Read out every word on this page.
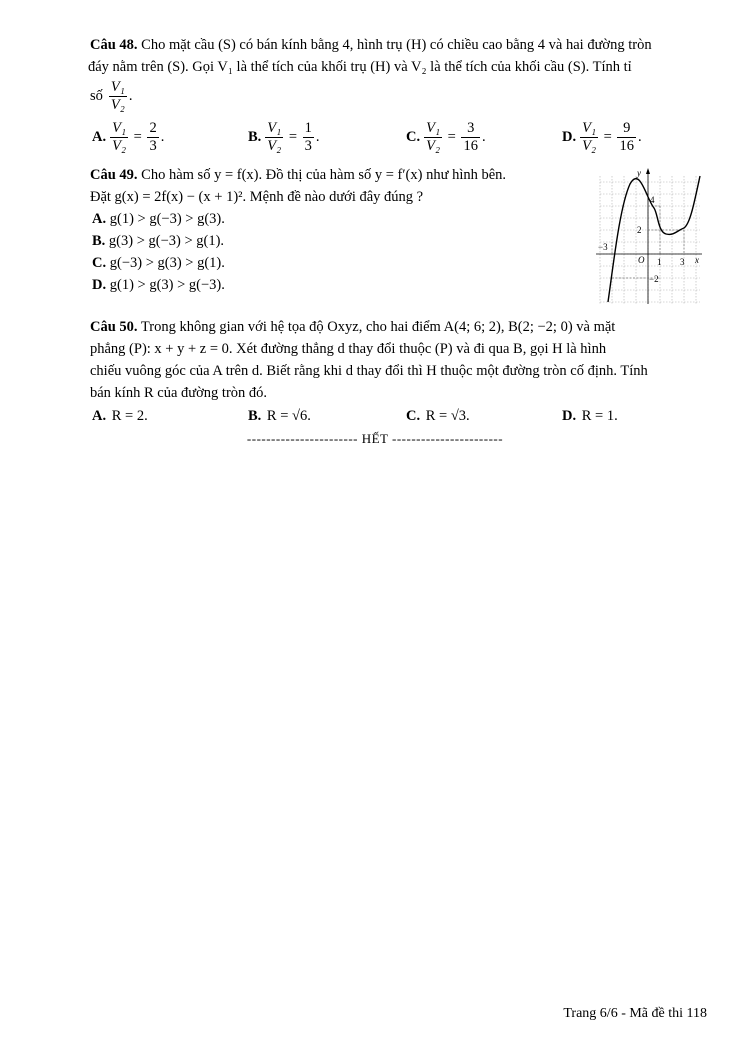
Câu 48. Cho mặt cầu (S) có bán kính bằng 4, hình trụ (H) có chiều cao bằng 4 và hai đường tròn
đáy nằm trên (S). Gọi V₁ là thể tích của khối trụ (H) và V₂ là thể tích của khối cầu (S). Tính tỉ
số $\frac{\text{V₁}}{\text{V₂}}$ .
A. $\frac{\text{V₁}}{\text{V₂}} = \frac{2}{3}$ .	B. $\frac{\text{V₁}}{\text{V₂}} = \frac{1}{3}$ .	C. $\frac{\text{V₁}}{\text{V₂}} = \frac{3}{16}$ .	D. $\frac{\text{V₁}}{\text{V₂}} = \frac{9}{16}$ .
Câu 49. Cho hàm số y = f(x). Đồ thị của hàm số y = f′(x) như hình bên.
Đặt g(x) = 2f(x) − (x + 1)². Mệnh đề nào dưới đây đúng ?
A. g(1) > g(−3) > g(3).
B. g(3) > g(−3) > g(1).
C. g(−3) > g(3) > g(1).
D. g(1) > g(3) > g(−3).
y
x
O
4
2
−3
1 3
−2
Câu 50. Trong không gian với hệ tọa độ Oxyz, cho hai điểm A(4; 6; 2), B(2; −2; 0) và mặt
phẳng (P): x + y + z = 0. Xét đường thẳng d thay đổi thuộc (P) và đi qua B, gọi H là hình
chiếu vuông góc của A trên d. Biết rằng khi d thay đổi thì H thuộc một đường tròn cố định. Tính
bán kính R của đường tròn đó.
A.
R = 2.	B.
R = √6.	C.
R = √3.	D.
R = 1.
----------------------- HẾT -----------------------
Trang 6/6 - Mã đề thi 118
